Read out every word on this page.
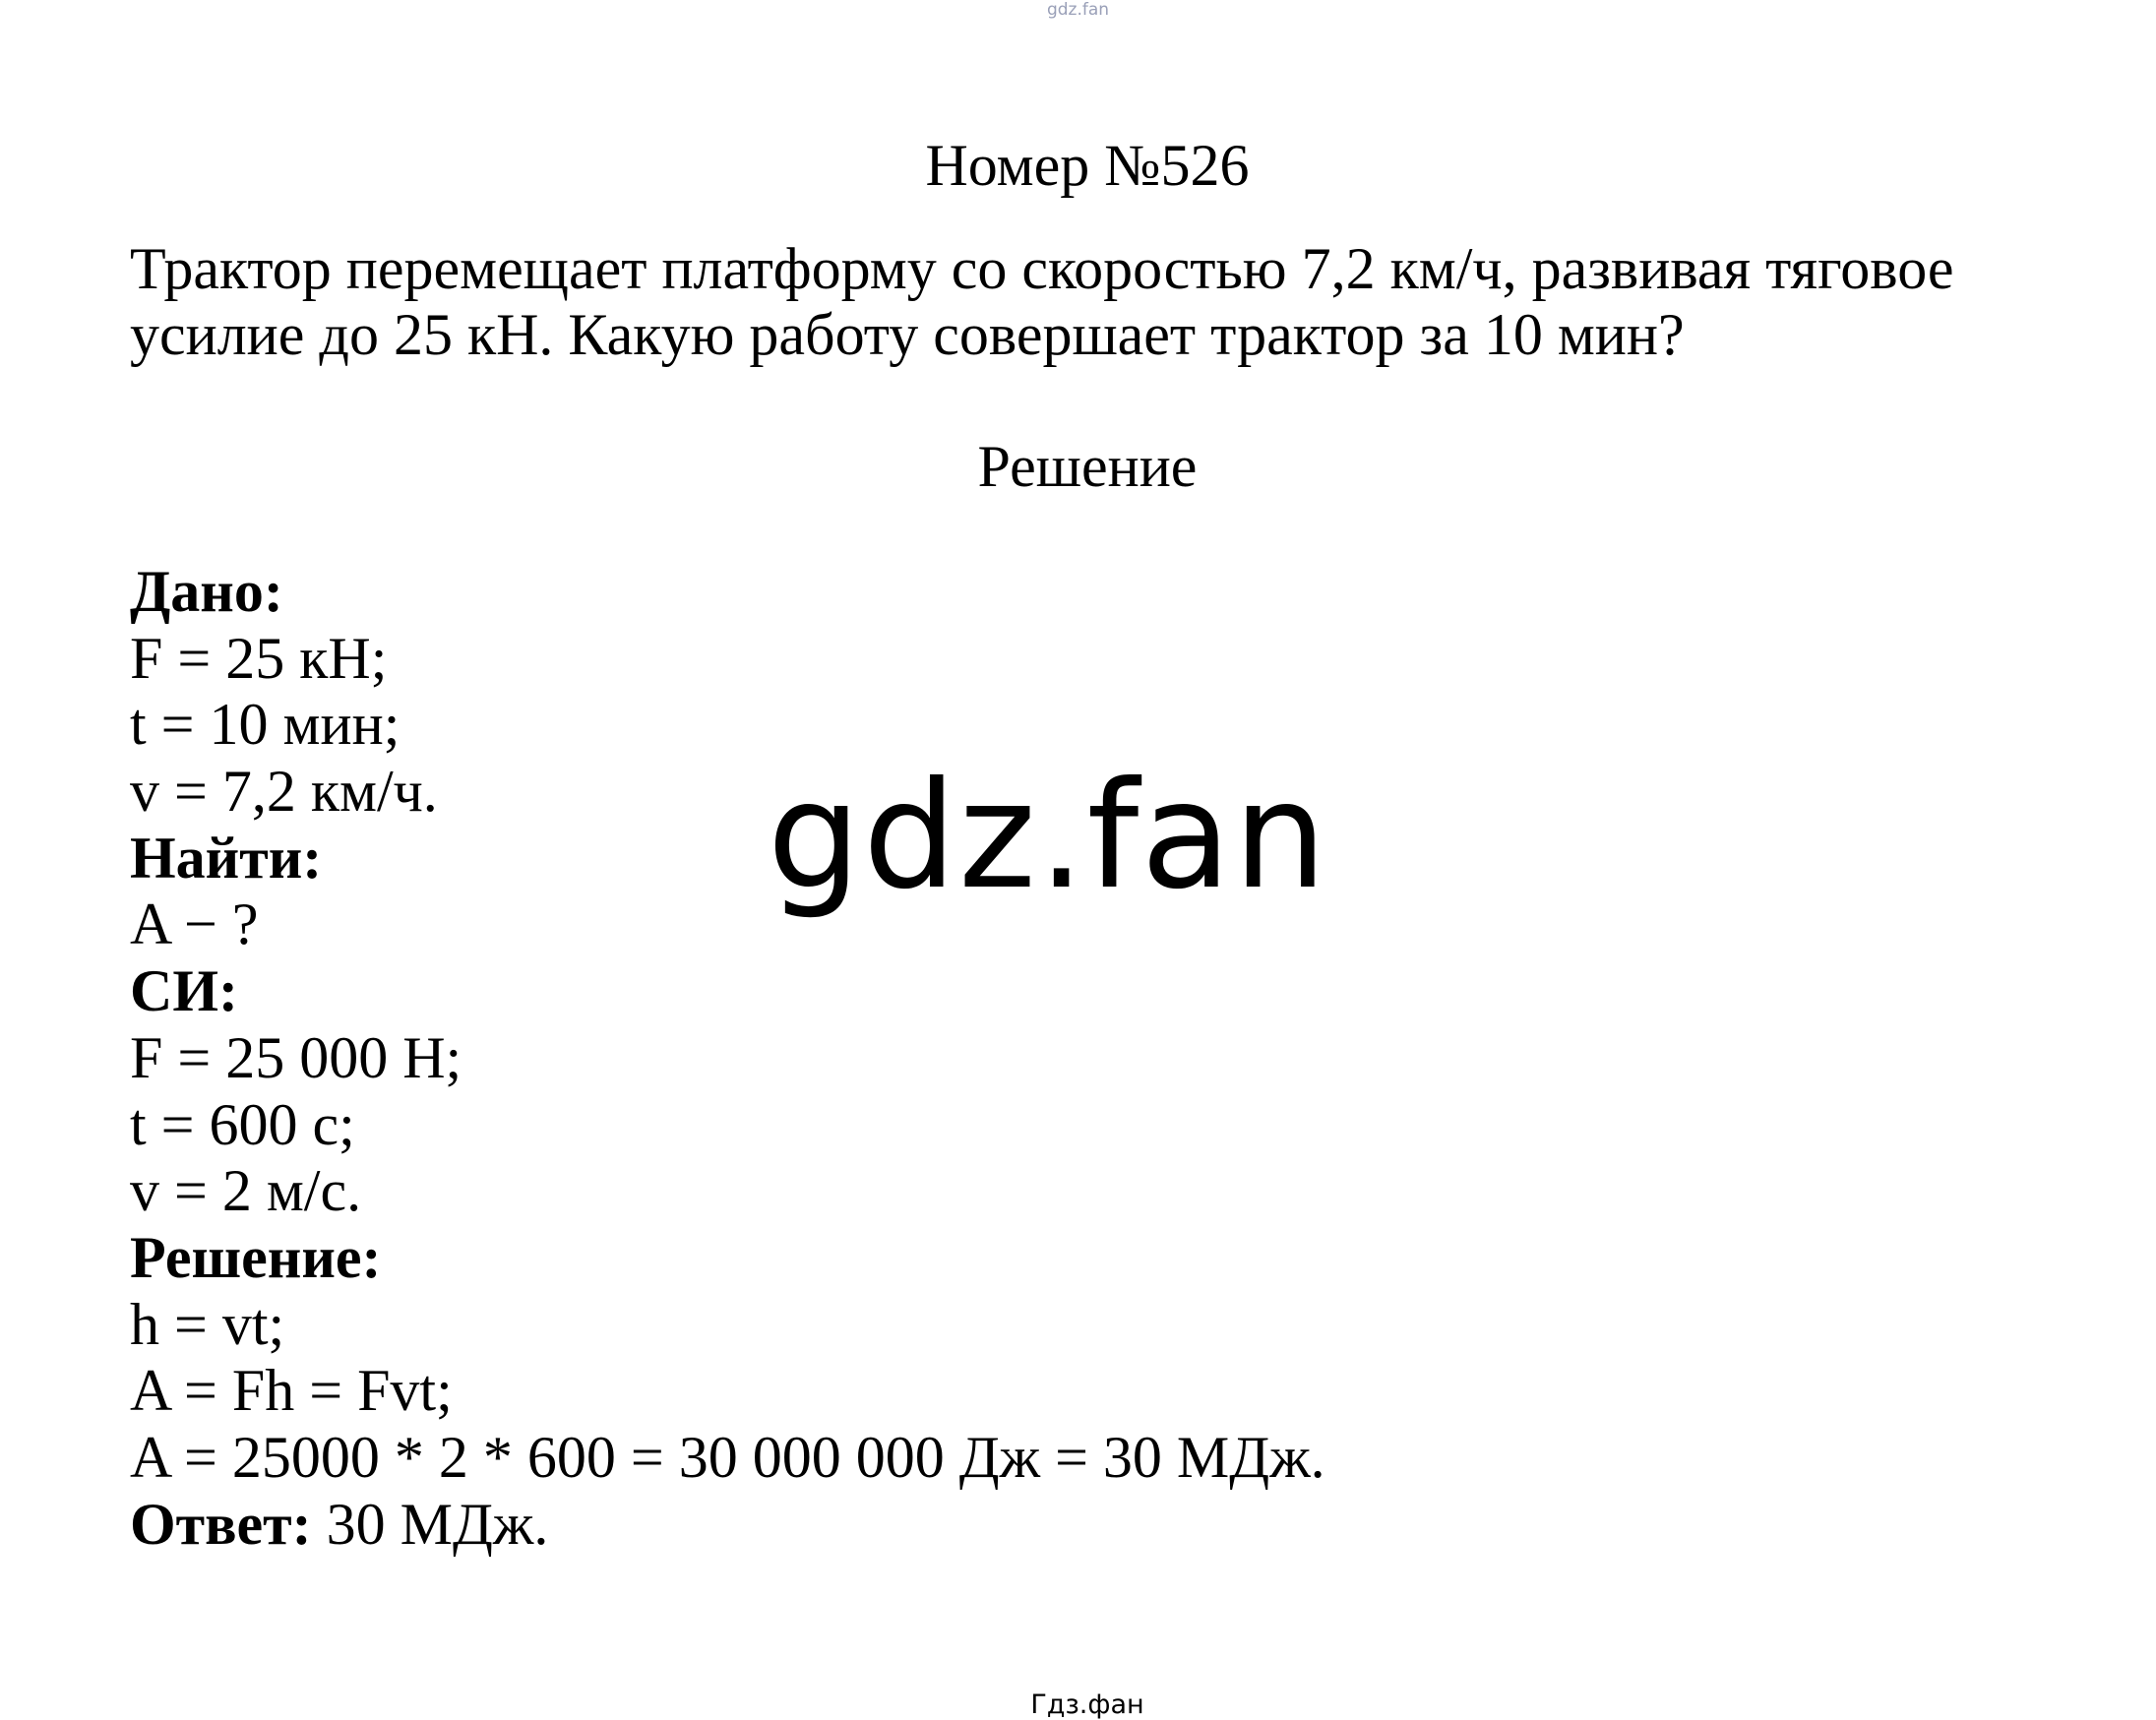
gdz.fan
Номер №526
Трактор перемещает платформу со скоростью 7,2 км/ч, развивая тяговое
усилие до 25 кН. Какую работу совершает трактор за 10 мин?
Решение
Дано:
F = 25 кН;
t = 10 мин;
v = 7,2 км/ч.
Найти:
A − ?
СИ:
F = 25 000 Н;
t = 600 с;
v = 2 м/с.
Решение:
h = vt;
A = Fh = Fvt;
A = 25000 * 2 * 600 = 30 000 000 Дж = 30 МДж.
Ответ: 30 МДж.
gdz.fan
Гдз.фан
